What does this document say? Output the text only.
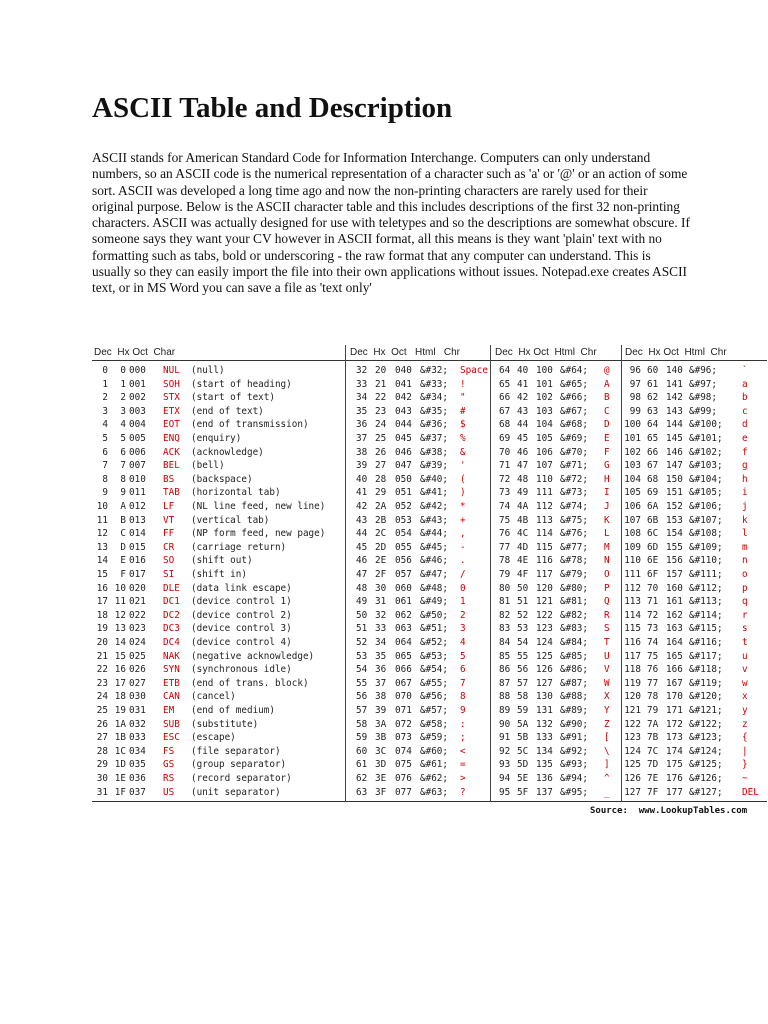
ASCII Table and Description

ASCII stands for American Standard Code for Information Interchange. Computers can only understand numbers, so an ASCII code is the numerical representation of a character such as 'a' or '@' or an action of some sort. ASCII was developed a long time ago and now the non-printing characters are rarely used for their original purpose. Below is the ASCII character table and this includes descriptions of the first 32 non-printing characters. ASCII was actually designed for use with teletypes and so the descriptions are somewhat obscure. If someone says they want your CV however in ASCII format, all this means is they want 'plain' text with no formatting such as tabs, bold or underscoring - the raw format that any computer can understand. This is usually so they can easily import the file into their own applications without issues. Notepad.exe creates ASCII text, or in MS Word you can save a file as 'text only'

Dec  Hx Oct  Char	Dec  Hx  Oct   Html   Chr	Dec  Hx Oct  Html  Chr	Dec  Hx Oct  Html  Chr
0	0 000 NUL (null)	32 20 040 &#32; Space 64 40 100 &#64; @	96 60 140 &#96;	`
1	1 001 SOH (start of heading)	33 21 041 &#33; !	65 41 101 &#65; A	97 61 141 &#97;	a
2	2 002 STX (start of text)	34 22 042 &#34; "	66 42 102 &#66; B	98 62 142 &#98;	b
3	3 003 ETX (end of text)	35 23 043 &#35; #	67 43 103 &#67; C	99 63 143 &#99;	c
4	4 004 EOT (end of transmission)	36 24 044 &#36; $	68 44 104 &#68; D 100 64 144 &#100; d
5	5 005 ENQ (enquiry)	37 25 045 &#37; %	69 45 105 &#69; E 101 65 145 &#101; e
6	6 006 ACK (acknowledge)	38 26 046 &#38; &	70 46 106 &#70; F 102 66 146 &#102; f
7	7 007 BEL (bell)	39 27 047 &#39; '	71 47 107 &#71; G 103 67 147 &#103; g
8	8 010 BS (backspace)	40 28 050 &#40; (	72 48 110 &#72; H 104 68 150 &#104; h
9	9 011 TAB (horizontal tab)	41 29 051 &#41; )	73 49 111 &#73; I 105 69 151 &#105; i
10	A 012 LF (NL line feed, new line)	42 2A 052 &#42; *	74 4A 112 &#74; J 106 6A 152 &#106; j
11	B 013 VT (vertical tab)	43 2B 053 &#43; +	75 4B 113 &#75; K 107 6B 153 &#107; k
12	C 014 FF (NP form feed, new page)	44 2C 054 &#44; ,	76 4C 114 &#76; L 108 6C 154 &#108; l
13	D 015 CR (carriage return)	45 2D 055 &#45; -	77 4D 115 &#77; M 109 6D 155 &#109; m
14	E 016 SO (shift out)	46 2E 056 &#46; .	78 4E 116 &#78; N 110 6E 156 &#110; n
15	F 017 SI (shift in)	47 2F 057 &#47; /	79 4F 117 &#79; O 111 6F 157 &#111; o
16 10 020 DLE (data link escape)	48 30 060 &#48; 0	80 50 120 &#80; P 112 70 160 &#112; p
17 11 021 DC1 (device control 1)	49 31 061 &#49; 1	81 51 121 &#81; Q 113 71 161 &#113; q
18 12 022 DC2 (device control 2)	50 32 062 &#50; 2	82 52 122 &#82; R 114 72 162 &#114; r
19 13 023 DC3 (device control 3)	51 33 063 &#51; 3	83 53 123 &#83; S 115 73 163 &#115; s
20 14 024 DC4 (device control 4)	52 34 064 &#52; 4	84 54 124 &#84; T 116 74 164 &#116; t
21 15 025 NAK (negative acknowledge)	53 35 065 &#53; 5	85 55 125 &#85; U 117 75 165 &#117; u
22 16 026 SYN (synchronous idle)	54 36 066 &#54; 6	86 56 126 &#86; V 118 76 166 &#118; v
23 17 027 ETB (end of trans. block)	55 37 067 &#55; 7	87 57 127 &#87; W 119 77 167 &#119; w
24 18 030 CAN (cancel)	56 38 070 &#56; 8	88 58 130 &#88; X 120 78 170 &#120; x
25 19 031 EM (end of medium)	57 39 071 &#57; 9	89 59 131 &#89; Y 121 79 171 &#121; y
26 1A 032 SUB (substitute)	58 3A 072 &#58; :	90 5A 132 &#90; Z 122 7A 172 &#122; z
27 1B 033 ESC (escape)	59 3B 073 &#59; ;	91 5B 133 &#91; [ 123 7B 173 &#123; {
28 1C 034 FS (file separator)	60 3C 074 &#60; <	92 5C 134 &#92; \ 124 7C 174 &#124; |
29 1D 035 GS (group separator)	61 3D 075 &#61; =	93 5D 135 &#93; ] 125 7D 175 &#125; }
30 1E 036 RS (record separator)	62 3E 076 &#62; >	94 5E 136 &#94; ^ 126 7E 176 &#126; ~
31 1F 037 US (unit separator)	63 3F 077 &#63; ?	95 5F 137 &#95; _ 127 7F 177 &#127; DEL
Source:  www.LookupTables.com
